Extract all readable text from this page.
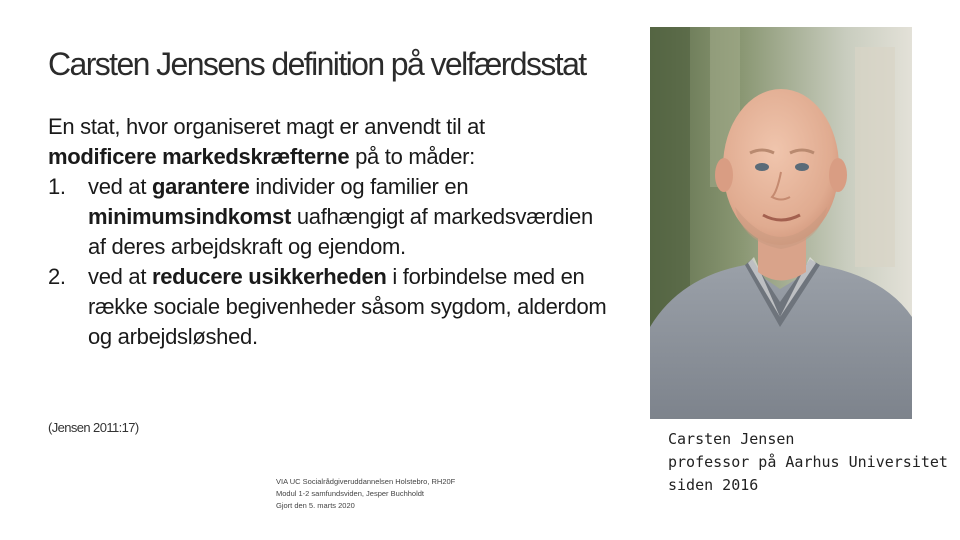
Carsten Jensens definition på velfærdsstat
En stat, hvor organiseret magt er anvendt til at
modificere markedskræfterne på to måder:
1. ved at garantere individer og familier en minimumsindkomst uafhængigt af markedsværdien af deres arbejdskraft og ejendom.
2. ved at reducere usikkerheden i forbindelse med en række sociale begivenheder såsom sygdom, alderdom og arbejdsløshed.
(Jensen 2011:17)
VIA UC Socialrådgiveruddannelsen Holstebro, RH20F
Modul 1-2 samfundsviden, Jesper Buchholdt
Gjort den 5. marts 2020
Carsten Jensen
professor på Aarhus Universitet
siden 2016
